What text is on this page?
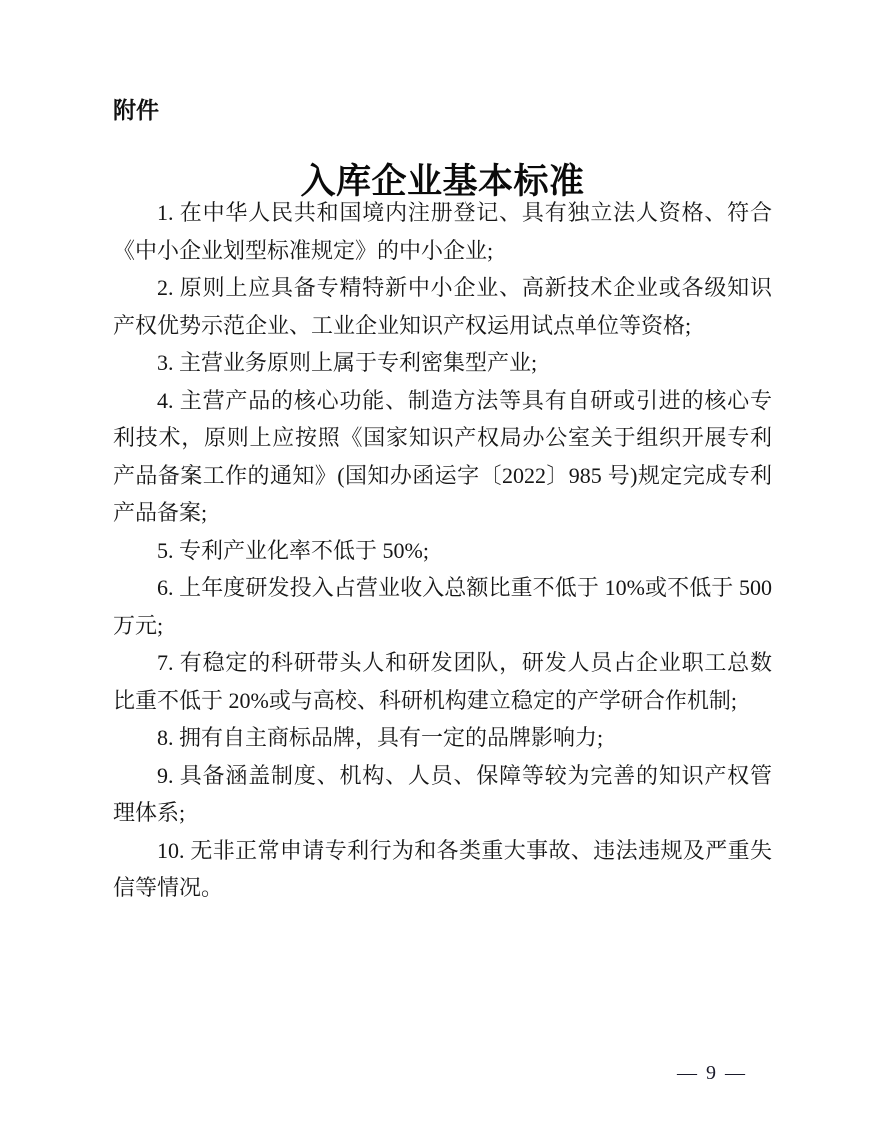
附件
入库企业基本标准

1. 在中华人民共和国境内注册登记、具有独立法人资格、符合《中小企业划型标准规定》的中小企业;

2. 原则上应具备专精特新中小企业、高新技术企业或各级知识产权优势示范企业、工业企业知识产权运用试点单位等资格;

3. 主营业务原则上属于专利密集型产业;

4. 主营产品的核心功能、制造方法等具有自研或引进的核心专利技术，原则上应按照《国家知识产权局办公室关于组织开展专利产品备案工作的通知》(国知办函运字〔2022〕985 号)规定完成专利产品备案;

5. 专利产业化率不低于 50%;

6. 上年度研发投入占营业收入总额比重不低于 10%或不低于 500 万元;

7. 有稳定的科研带头人和研发团队，研发人员占企业职工总数比重不低于 20%或与高校、科研机构建立稳定的产学研合作机制;

8. 拥有自主商标品牌，具有一定的品牌影响力;

9. 具备涵盖制度、机构、人员、保障等较为完善的知识产权管理体系;

10. 无非正常申请专利行为和各类重大事故、违法违规及严重失信等情况。

— 9 —
